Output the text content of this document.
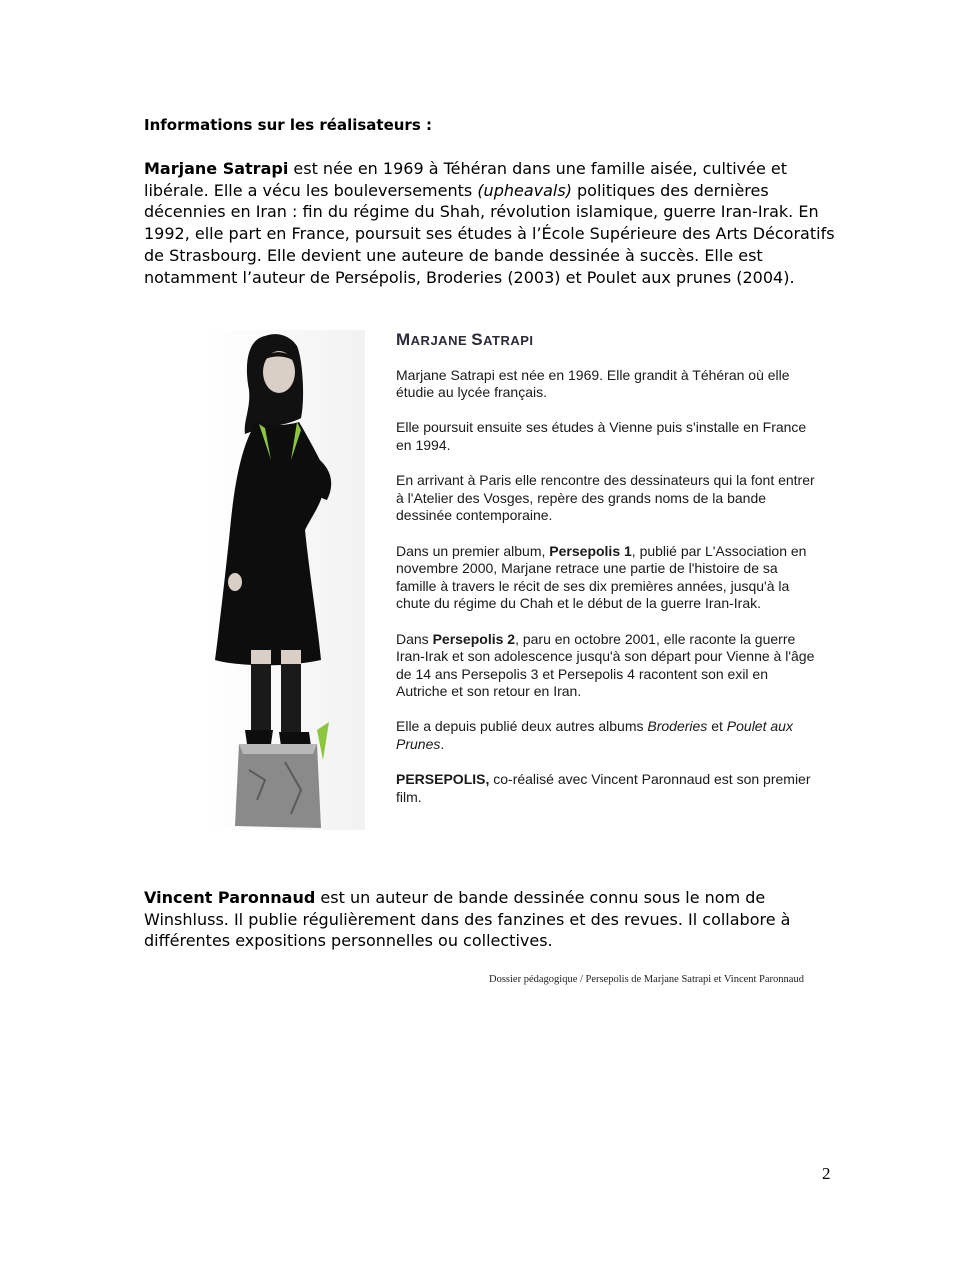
Informations sur les réalisateurs :
Marjane Satrapi est née en 1969 à Téhéran dans une famille aisée, cultivée et libérale. Elle a vécu les bouleversements (upheavals) politiques des dernières décennies en Iran : fin du régime du Shah, révolution islamique, guerre Iran-Irak. En 1992, elle part en France, poursuit ses études à l’École Supérieure des Arts Décoratifs de Strasbourg. Elle devient une auteure de bande dessinée à succès. Elle est notamment l’auteur de Persépolis, Broderies (2003) et Poulet aux prunes (2004).
MARJANE SATRAPI

Marjane Satrapi est née en 1969. Elle grandit à Téhéran où elle étudie au lycée français.

Elle poursuit ensuite ses études à Vienne puis s'installe en France en 1994.

En arrivant à Paris elle rencontre des dessinateurs qui la font entrer à l'Atelier des Vosges, repère des grands noms de la bande dessinée contemporaine.

Dans un premier album, Persepolis 1, publié par L'Association en novembre 2000, Marjane retrace une partie de l'histoire de sa famille à travers le récit de ses dix premières années, jusqu'à la chute du régime du Chah et le début de la guerre Iran-Irak.

Dans Persepolis 2, paru en octobre 2001, elle raconte la guerre Iran-Irak et son adolescence jusqu'à son départ pour Vienne à l'âge de 14 ans Persepolis 3 et Persepolis 4 racontent son exil en Autriche et son retour en Iran.

Elle a depuis publié deux autres albums Broderies et Poulet aux Prunes.

PERSEPOLIS, co-réalisé avec Vincent Paronnaud est son premier film.

Vincent Paronnaud est un auteur de bande dessinée connu sous le nom de Winshluss. Il publie régulièrement dans des fanzines et des revues. Il collabore à différentes expositions personnelles ou collectives.
Dossier pédagogique / Persepolis de Marjane Satrapi et Vincent Paronnaud
2
